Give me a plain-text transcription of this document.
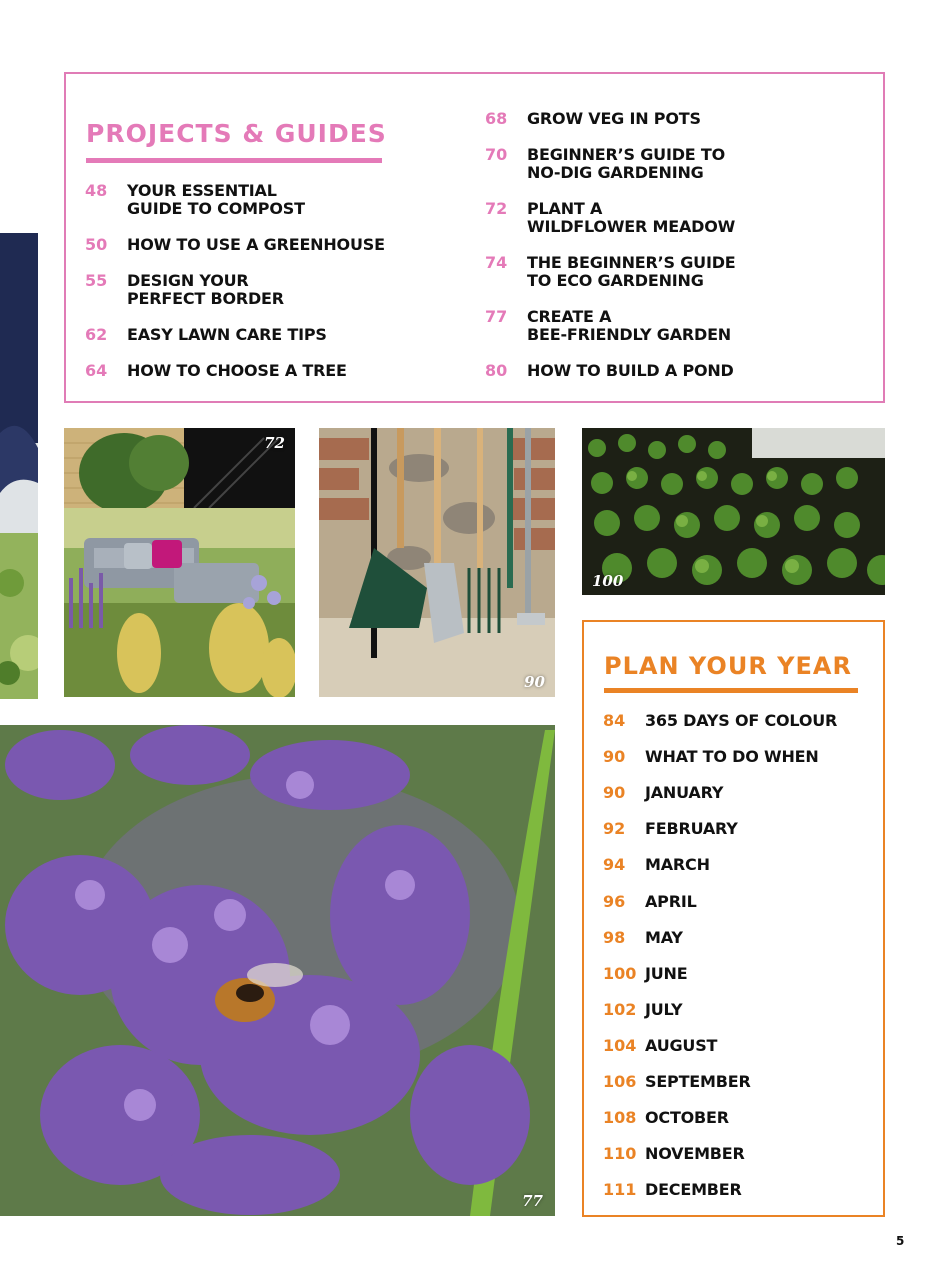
PROJECTS & GUIDES
48	YOUR ESSENTIAL
GUIDE TO COMPOST
50	HOW TO USE A GREENHOUSE
55	DESIGN YOUR
PERFECT BORDER
62	EASY LAWN CARE TIPS
64	HOW TO CHOOSE A TREE
68	GROW VEG IN POTS
70	BEGINNER’S GUIDE TO
NO-DIG GARDENING
72	PLANT A
WILDFLOWER MEADOW
74	THE BEGINNER’S GUIDE
TO ECO GARDENING
77	CREATE A
BEE-FRIENDLY GARDEN
80	HOW TO BUILD A POND
72
90
100
77
PLAN YOUR YEAR
84	365 DAYS OF COLOUR
90	WHAT TO DO WHEN
90	JANUARY
92	FEBRUARY
94	MARCH
96	APRIL
98	MAY
100 JUNE
102 JULY
104 AUGUST
106 SEPTEMBER
108 OCTOBER
110 NOVEMBER
111 DECEMBER
5
